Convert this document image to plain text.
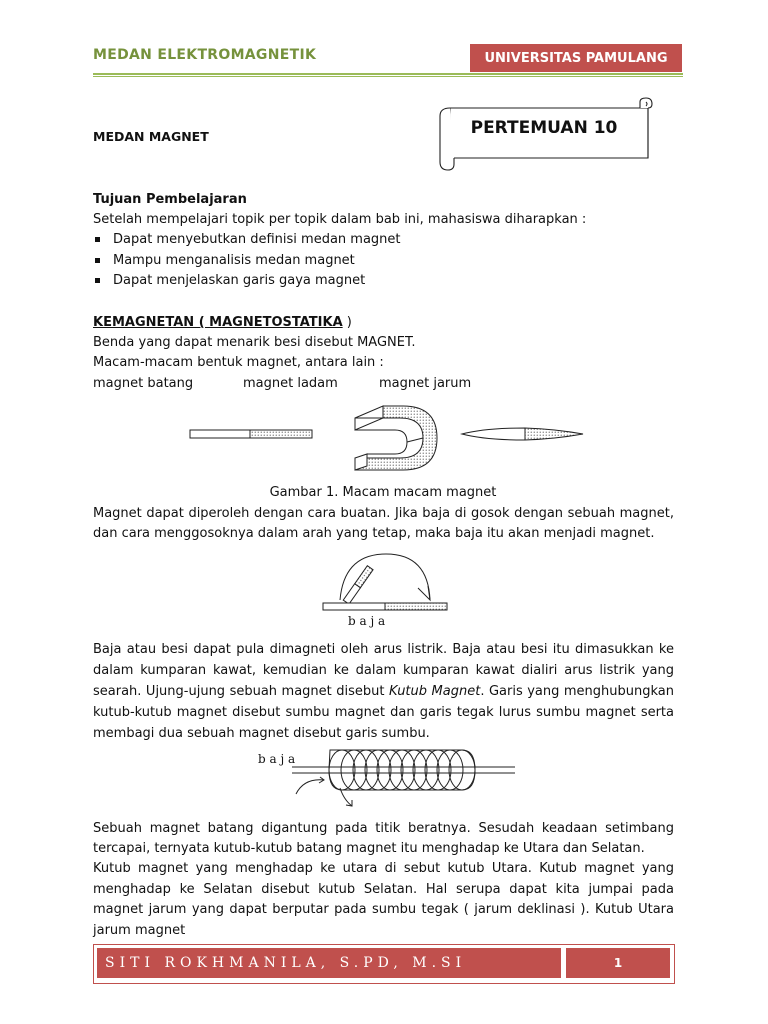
MEDAN ELEKTROMAGNETIK	UNIVERSITAS PAMULANG
MEDAN MAGNET	PERTEMUAN 10
Tujuan Pembelajaran
Setelah mempelajari topik per topik dalam bab ini, mahasiswa diharapkan :
Dapat menyebutkan definisi medan magnet
Mampu menganalisis medan magnet
Dapat menjelaskan garis gaya magnet
KEMAGNETAN ( MAGNETOSTATIKA )
Benda yang dapat menarik besi disebut MAGNET.
Macam-macam bentuk magnet, antara lain :
magnet batang	magnet ladam	magnet jarum
Gambar 1. Macam macam magnet
Magnet dapat diperoleh dengan cara buatan. Jika baja di gosok dengan sebuah magnet, dan cara menggosoknya dalam arah yang tetap, maka baja itu akan menjadi magnet.
b a j a
Baja atau besi dapat pula dimagneti oleh arus listrik. Baja atau besi itu dimasukkan ke dalam kumparan kawat, kemudian ke dalam kumparan kawat dialiri arus listrik yang searah. Ujung-ujung sebuah magnet disebut Kutub Magnet. Garis yang menghubungkan kutub-kutub magnet disebut sumbu magnet dan garis tegak lurus sumbu magnet serta membagi dua sebuah magnet disebut garis sumbu.
b a j a
Sebuah magnet batang digantung pada titik beratnya. Sesudah keadaan setimbang tercapai, ternyata kutub-kutub batang magnet itu menghadap ke Utara dan Selatan.
Kutub magnet yang menghadap ke utara di sebut kutub Utara. Kutub magnet yang menghadap ke Selatan disebut kutub Selatan. Hal serupa dapat kita jumpai pada magnet jarum yang dapat berputar pada sumbu tegak ( jarum deklinasi ). Kutub Utara jarum magnet
SITI ROKHMANILA, S.PD, M.SI	1
